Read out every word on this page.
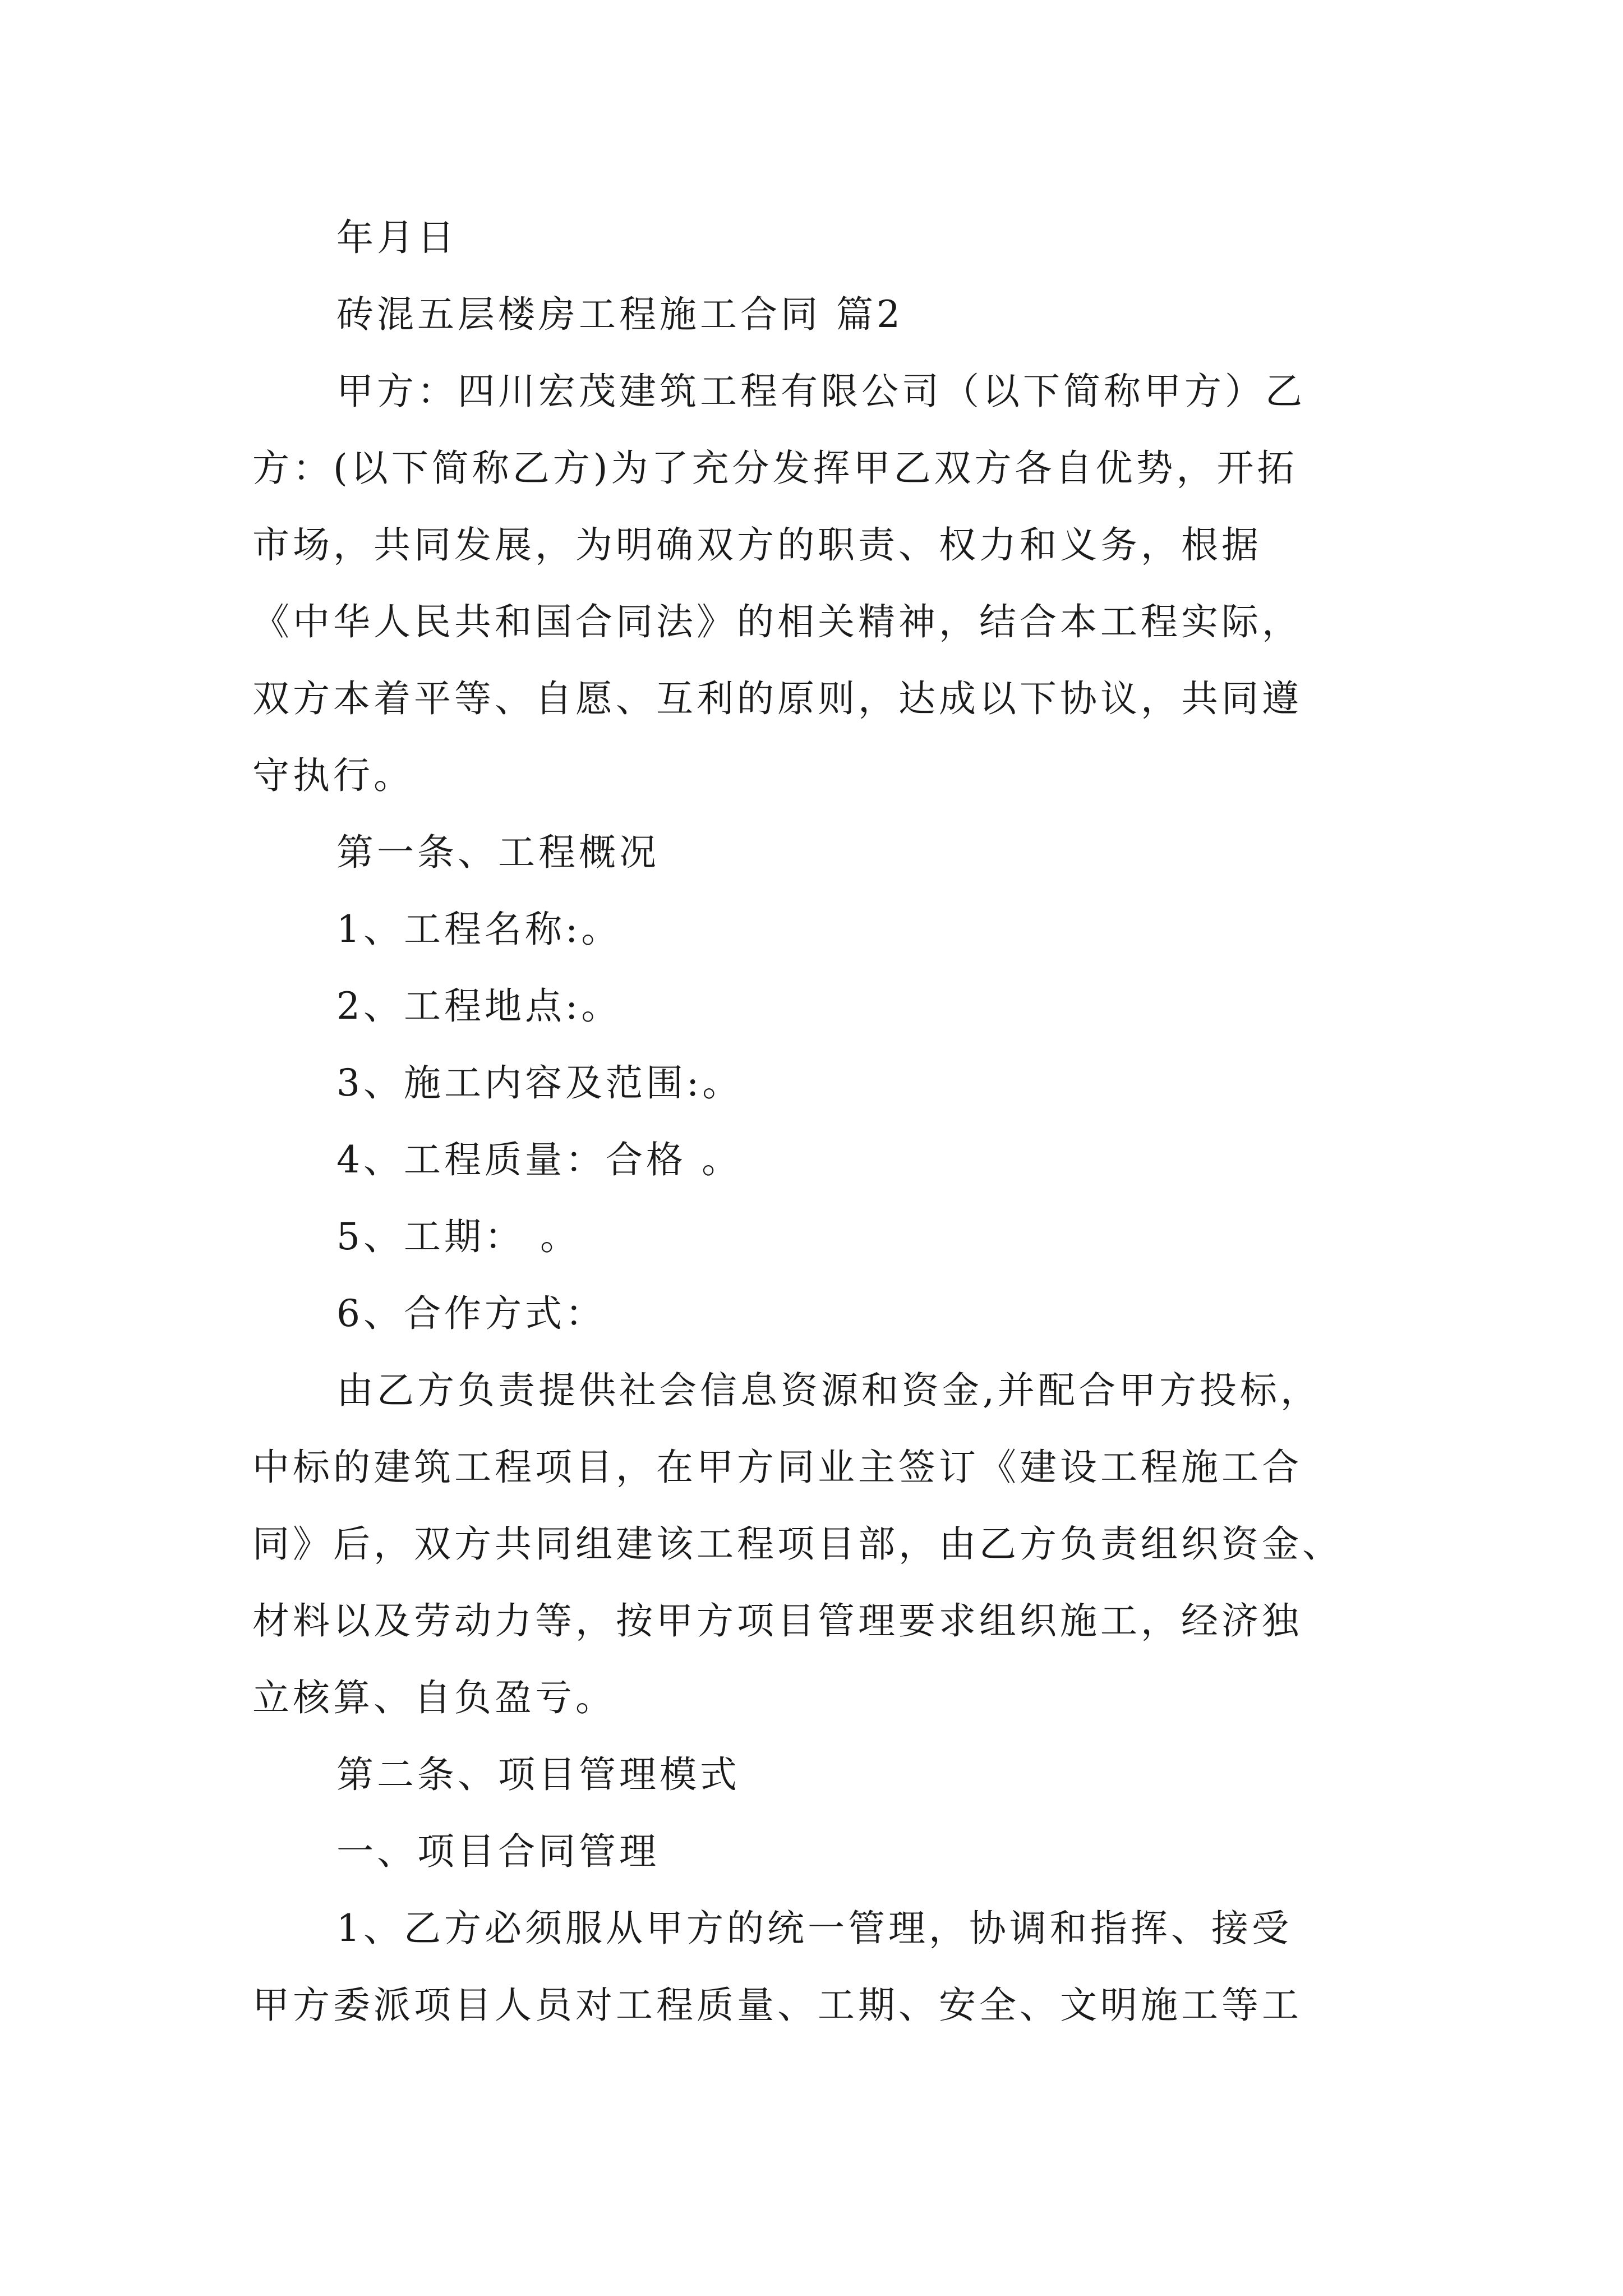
年月日
砖混五层楼房工程施工合同 篇2
甲方：四川宏茂建筑工程有限公司（以下简称甲方）乙
方：(以下简称乙方)为了充分发挥甲乙双方各自优势，开拓
市场，共同发展，为明确双方的职责、权力和义务，根据
《中华人民共和国合同法》的相关精神，结合本工程实际，
双方本着平等、自愿、互利的原则，达成以下协议，共同遵
守执行。
第一条、工程概况
1、工程名称:。
2、工程地点:。
3、施工内容及范围:。
4、工程质量：合格 。
5、工期： 。
6、合作方式：
由乙方负责提供社会信息资源和资金,并配合甲方投标，
中标的建筑工程项目，在甲方同业主签订《建设工程施工合
同》后，双方共同组建该工程项目部，由乙方负责组织资金、
材料以及劳动力等，按甲方项目管理要求组织施工，经济独
立核算、自负盈亏。
第二条、项目管理模式
一、项目合同管理
1、乙方必须服从甲方的统一管理，协调和指挥、接受
甲方委派项目人员对工程质量、工期、安全、文明施工等工
